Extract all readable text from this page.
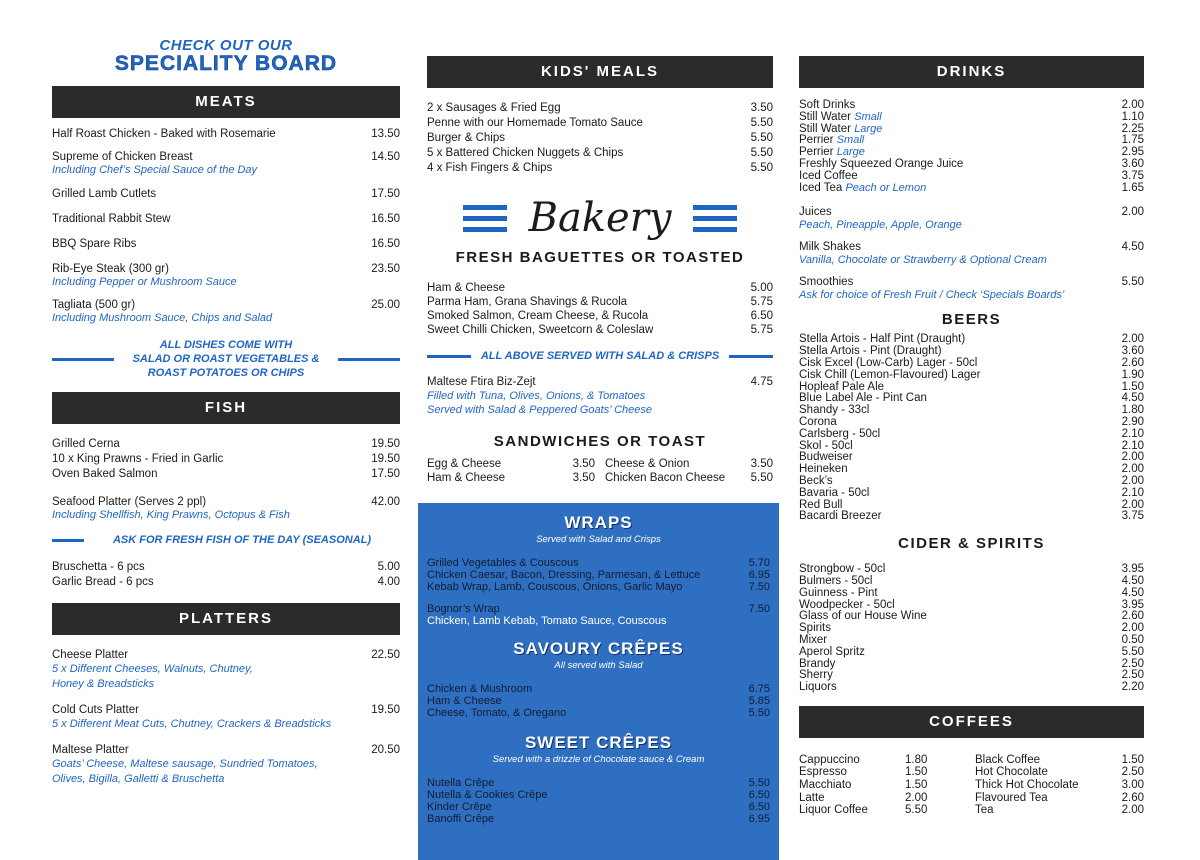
CHECK OUT OUR
SPECIALITY BOARD
MEATS
Half Roast Chicken - Baked with Rosemarie	13.50
Supreme of Chicken Breast	14.50
Including Chef’s Special Sauce of the Day
Grilled Lamb Cutlets	17.50
Traditional Rabbit Stew	16.50
BBQ Spare Ribs	16.50
Rib-Eye Steak (300 gr)	23.50
Including Pepper or Mushroom Sauce
Tagliata (500 gr)	25.00
Including Mushroom Sauce, Chips and Salad
ALL DISHES COME WITH
SALAD OR ROAST VEGETABLES &
ROAST POTATOES OR CHIPS
FISH
Grilled Cerna	19.50
10 x King Prawns - Fried in Garlic	19.50
Oven Baked Salmon	17.50
Seafood Platter (Serves 2 ppl)	42.00
Including Shellfish, King Prawns, Octopus & Fish
ASK FOR FRESH FISH OF THE DAY (SEASONAL)
Bruschetta - 6 pcs	5.00
Garlic Bread - 6 pcs	4.00
PLATTERS
Cheese Platter	22.50
5 x Different Cheeses, Walnuts, Chutney,
Honey & Breadsticks
Cold Cuts Platter	19.50
5 x Different Meat Cuts, Chutney, Crackers & Breadsticks
Maltese Platter	20.50
Goats’ Cheese, Maltese sausage, Sundried Tomatoes,
Olives, Bigilla, Galletti & Bruschetta
KIDS' MEALS
2 x Sausages & Fried Egg	3.50
Penne with our Homemade Tomato Sauce	5.50
Burger & Chips	5.50
5 x Battered Chicken Nuggets & Chips	5.50
4 x Fish Fingers & Chips	5.50
Bakery
FRESH BAGUETTES OR TOASTED
Ham & Cheese	5.00
Parma Ham, Grana Shavings & Rucola	5.75
Smoked Salmon, Cream Cheese, & Rucola	6.50
Sweet Chilli Chicken, Sweetcorn & Coleslaw	5.75
ALL ABOVE SERVED WITH SALAD & CRISPS
Maltese Ftira Biz-Zejt	4.75
Filled with Tuna, Olives, Onions, & Tomatoes
Served with Salad & Peppered Goats’ Cheese
SANDWICHES OR TOAST
Egg & Cheese	3.50 Cheese & Onion	3.50
Ham & Cheese	3.50 Chicken Bacon Cheese	5.50
WRAPS
Served with Salad and Crisps
Grilled Vegetables & Couscous	5.70
Chicken Caesar, Bacon, Dressing, Parmesan, & Lettuce	6.95
Kebab Wrap, Lamb, Couscous, Onions, Garlic Mayo	7.50
Bognor’s Wrap	7.50
Chicken, Lamb Kebab, Tomato Sauce, Couscous
SAVOURY CRÊPES
All served with Salad
Chicken & Mushroom	6.75
Ham & Cheese	5.85
Cheese, Tomato, & Oregano	5.50
SWEET CRÊPES
Served with a drizzle of Chocolate sauce & Cream
Nutella Crêpe	5.50
Nutella & Cookies Crêpe	6.50
Kinder Crêpe	6.50
Banoffi Crêpe	6.95
DRINKS
Soft Drinks	2.00
Still Water Small	1.10
Still Water Large	2.25
Perrier Small	1.75
Perrier Large	2.95
Freshly Squeezed Orange Juice	3.60
Iced Coffee	3.75
Iced Tea Peach or Lemon	1.65
Juices	2.00
Peach, Pineapple, Apple, Orange
Milk Shakes	4.50
Vanilla, Chocolate or Strawberry & Optional Cream
Smoothies	5.50
Ask for choice of Fresh Fruit / Check ‘Specials Boards’
BEERS
Stella Artois - Half Pint (Draught)	2.00
Stella Artois - Pint (Draught)	3.60
Cisk Excel (Low-Carb) Lager - 50cl	2.60
Cisk Chill (Lemon-Flavoured) Lager	1.90
Hopleaf Pale Ale	1.50
Blue Label Ale - Pint Can	4.50
Shandy - 33cl	1.80
Corona	2.90
Carlsberg - 50cl	2.10
Skol - 50cl	2.10
Budweiser	2.00
Heineken	2.00
Beck’s	2.00
Bavaria - 50cl	2.10
Red Bull	2.00
Bacardi Breezer	3.75
CIDER & SPIRITS
Strongbow - 50cl	3.95
Bulmers - 50cl	4.50
Guinness - Pint	4.50
Woodpecker - 50cl	3.95
Glass of our House Wine	2.60
Spirits	2.00
Mixer	0.50
Aperol Spritz	5.50
Brandy	2.50
Sherry	2.50
Liquors	2.20
COFFEES
Cappuccino	1.80	Black Coffee	1.50
Espresso	1.50	Hot Chocolate	2.50
Macchiato	1.50	Thick Hot Chocolate	3.00
Latte	2.00	Flavoured Tea	2.60
Liquor Coffee	5.50	Tea	2.00
